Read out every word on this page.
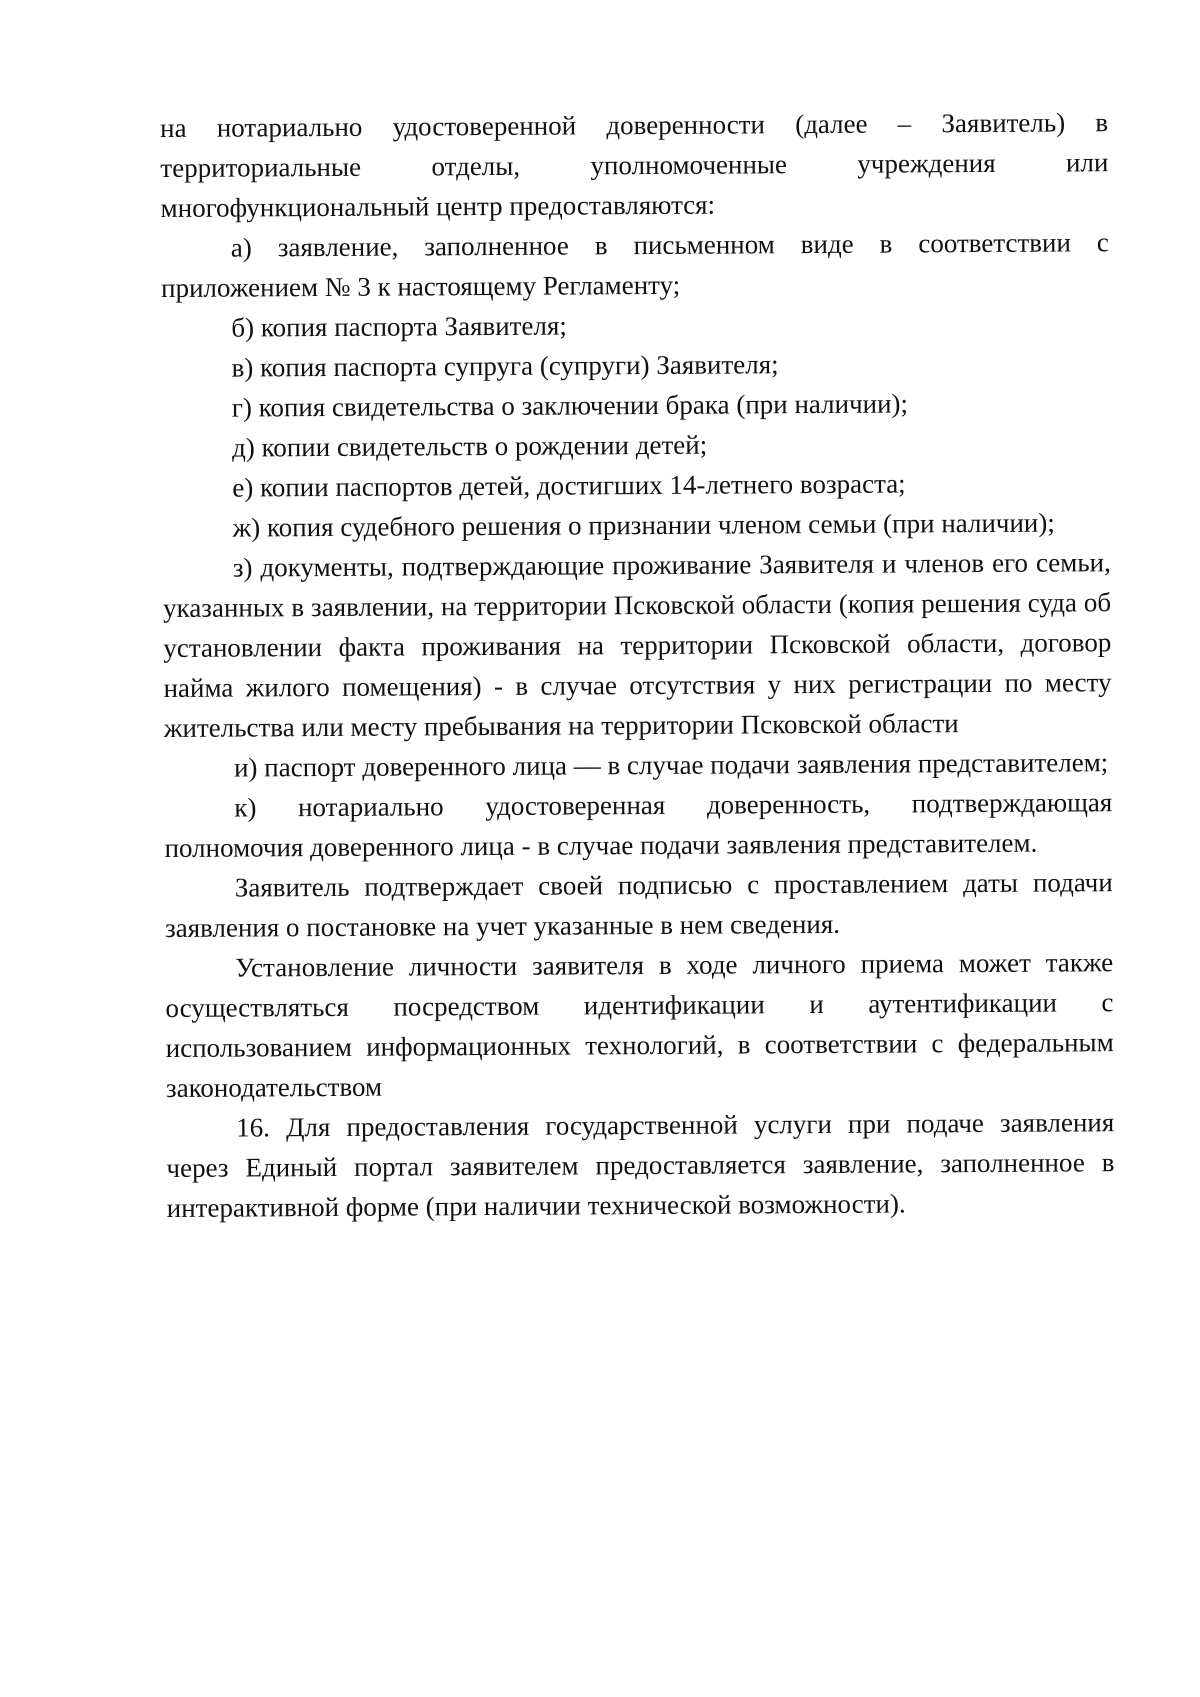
на нотариально удостоверенной доверенности (далее – Заявитель) в территориальные отделы, уполномоченные учреждения или многофункциональный центр предоставляются:

а) заявление, заполненное в письменном виде в соответствии с приложением № 3 к настоящему Регламенту;

б) копия паспорта Заявителя;

в) копия паспорта супруга (супруги) Заявителя;

г) копия свидетельства о заключении брака (при наличии);

д) копии свидетельств о рождении детей;

е) копии паспортов детей, достигших 14-летнего возраста;

ж) копия судебного решения о признании членом семьи (при наличии);

з) документы, подтверждающие проживание Заявителя и членов его семьи, указанных в заявлении, на территории Псковской области (копия решения суда об установлении факта проживания на территории Псковской области, договор найма жилого помещения) - в случае отсутствия у них регистрации по месту жительства или месту пребывания на территории Псковской области

и) паспорт доверенного лица — в случае подачи заявления представителем;

к) нотариально удостоверенная доверенность, подтверждающая полномочия доверенного лица - в случае подачи заявления представителем.

Заявитель подтверждает своей подписью с проставлением даты подачи заявления о постановке на учет указанные в нем сведения.

Установление личности заявителя в ходе личного приема может также осуществляться посредством идентификации и аутентификации с использованием информационных технологий, в соответствии с федеральным законодательством

16. Для предоставления государственной услуги при подаче заявления через Единый портал заявителем предоставляется заявление, заполненное в интерактивной форме (при наличии технической возможности).
